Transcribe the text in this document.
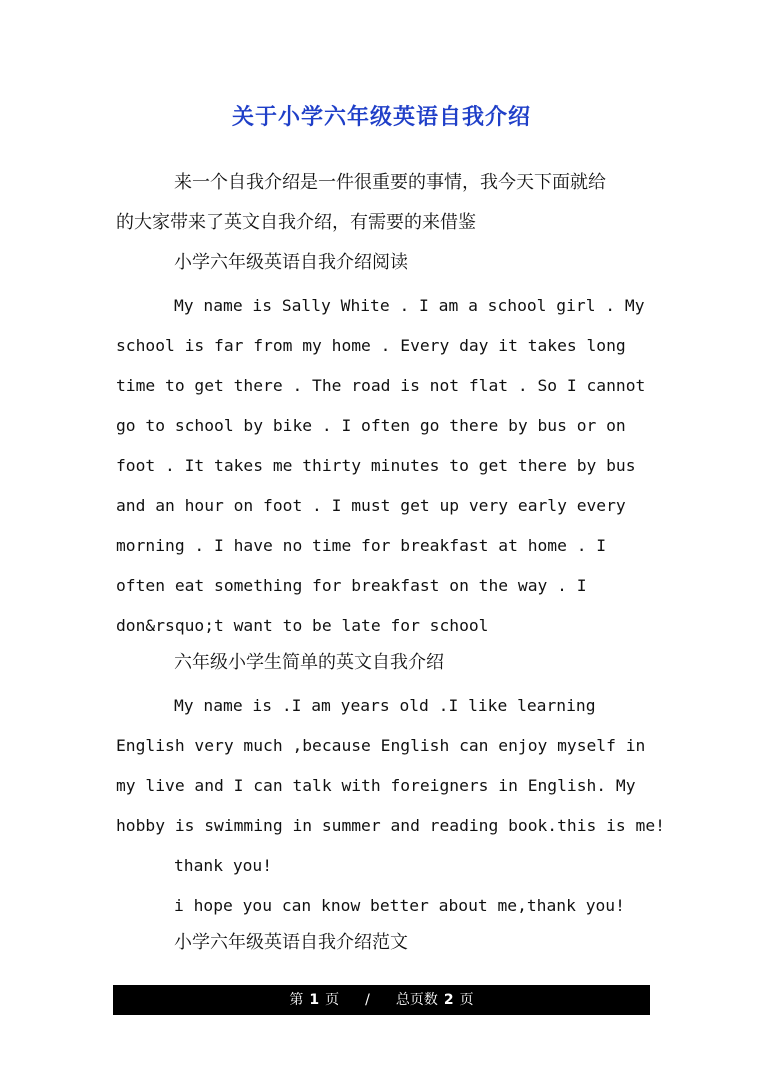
关于小学六年级英语自我介绍
来一个自我介绍是一件很重要的事情，我今天下面就给
的大家带来了英文自我介绍，有需要的来借鉴
小学六年级英语自我介绍阅读
My name is Sally White . I am a school girl . My
school is far from my home . Every day it takes long
time to get there . The road is not flat . So I cannot
go to school by bike . I often go there by bus or on
foot . It takes me thirty minutes to get there by bus
and an hour on foot . I must get up very early every
morning . I have no time for breakfast at home . I
often eat something for breakfast on the way . I
don&rsquo;t want to be late for school
六年级小学生简单的英文自我介绍
My name is .I am years old .I like learning
English very much ,because English can enjoy myself in
my live and I can talk with foreigners in English. My
hobby is swimming in summer and reading book.this is me!
thank you!
i hope you can know better about me,thank you!
小学六年级英语自我介绍范文
第 1 页 / 总页数 2 页
